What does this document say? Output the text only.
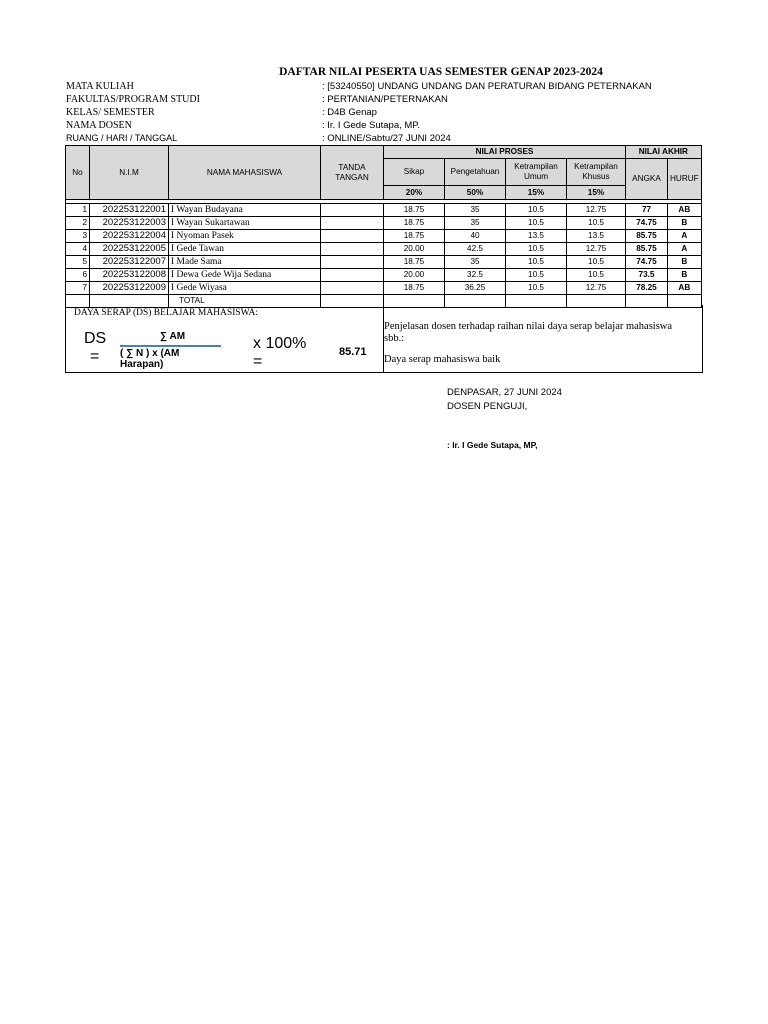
DAFTAR NILAI PESERTA UAS SEMESTER GENAP 2023-2024
MATA KULIAH	: [53240550] UNDANG UNDANG DAN PERATURAN BIDANG PETERNAKAN
FAKULTAS/PROGRAM STUDI	: PERTANIAN/PETERNAKAN
KELAS/ SEMESTER	: D4B Genap
NAMA DOSEN	: Ir. I Gede Sutapa, MP.
RUANG / HARI / TANGGAL	: ONLINE/Sabtu/27 JUNI 2024
No	N.I.M	NAMA MAHASISWA	TANDA TANGAN	NILAI PROSES				NILAI AKHIR	
				Sikap	Pengetahuan	Ketrampilan Umum	Ketrampilan Khusus	ANGKA	HURUF
				20%	50%	15%	15%		

1	202253122001	I Wayan Budayana		18.75	35	10.5	12.75	77	AB
2	202253122003	I Wayan Sukartawan		18.75	35	10.5	10.5	74.75	B
3	202253122004	I Nyoman Pasek		18.75	40	13.5	13.5	85.75	A
4	202253122005	I Gede Tawan		20.00	42.5	10.5	12.75	85.75	A
5	202253122007	I Made Sama		18.75	35	10.5	10.5	74.75	B
6	202253122008	I Dewa Gede Wija Sedana		20.00	32.5	10.5	10.5	73.5	B
7	202253122009	I Gede Wiyasa		18.75	36.25	10.5	12.75	78.25	AB
		TOTAL							
DAYA SERAP (DS) BELAJAR MAHASISWA:
DS
=
∑ AM
( ∑ N ) x (AM Harapan)
x 100%
=
85.71
Penjelasan dosen terhadap raihan nilai daya serap belajar mahasiswa sbb.:
Daya serap mahasiswa baik
DENPASAR, 27 JUNI 2024
DOSEN PENGUJI,
: Ir. I Gede Sutapa, MP,
